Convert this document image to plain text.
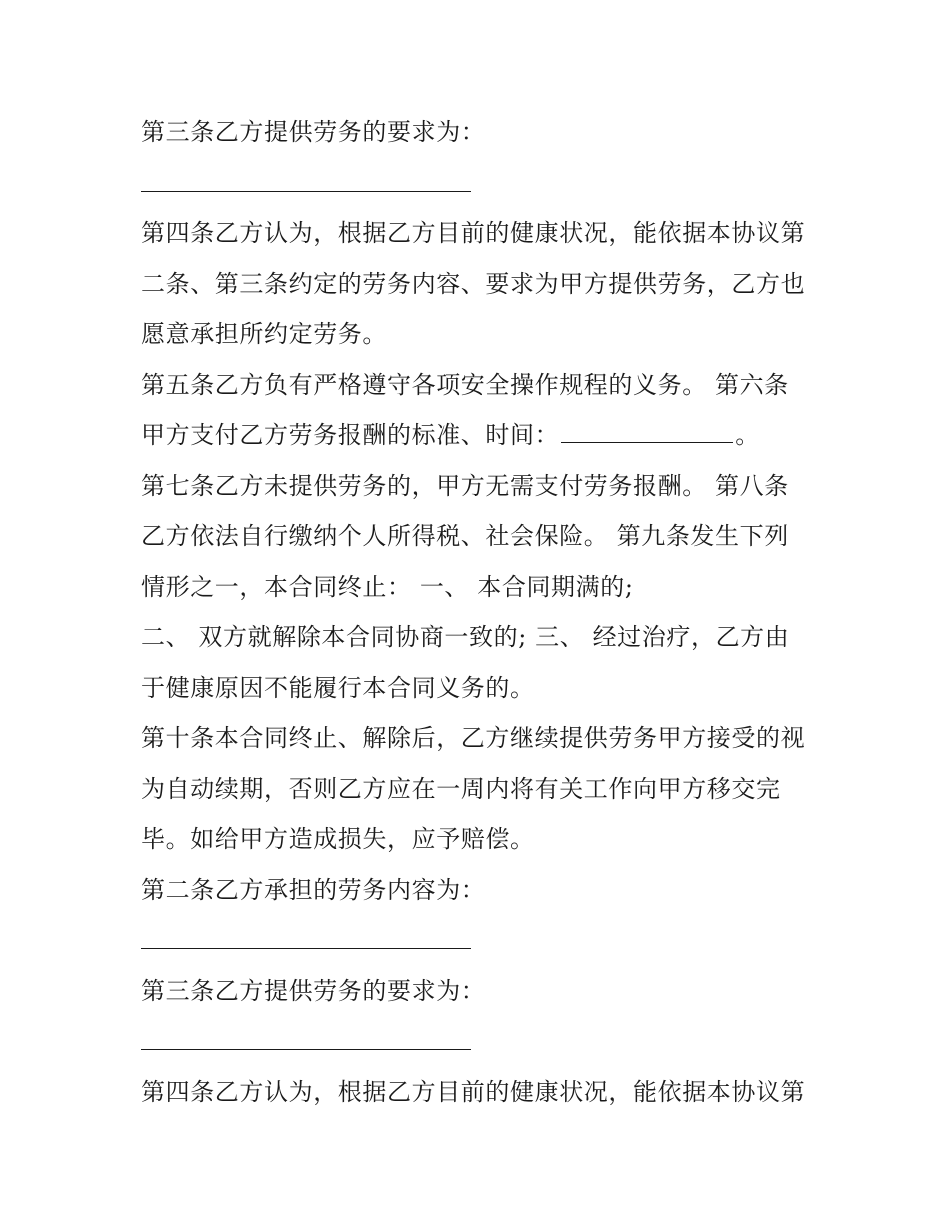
第三条乙方提供劳务的要求为：
第四条乙方认为，根据乙方目前的健康状况，能依据本协议第
二条、第三条约定的劳务内容、要求为甲方提供劳务，乙方也
愿意承担所约定劳务。
第五条乙方负有严格遵守各项安全操作规程的义务。 第六条
甲方支付乙方劳务报酬的标准、时间：	。
第七条乙方未提供劳务的，甲方无需支付劳务报酬。 第八条
乙方依法自行缴纳个人所得税、社会保险。 第九条发生下列
情形之一，本合同终止： 一、 本合同期满的;
二、 双方就解除本合同协商一致的; 三、 经过治疗，乙方由
于健康原因不能履行本合同义务的。
第十条本合同终止、解除后，乙方继续提供劳务甲方接受的视
为自动续期，否则乙方应在一周内将有关工作向甲方移交完
毕。如给甲方造成损失，应予赔偿。
第二条乙方承担的劳务内容为：
第三条乙方提供劳务的要求为：
第四条乙方认为，根据乙方目前的健康状况，能依据本协议第
